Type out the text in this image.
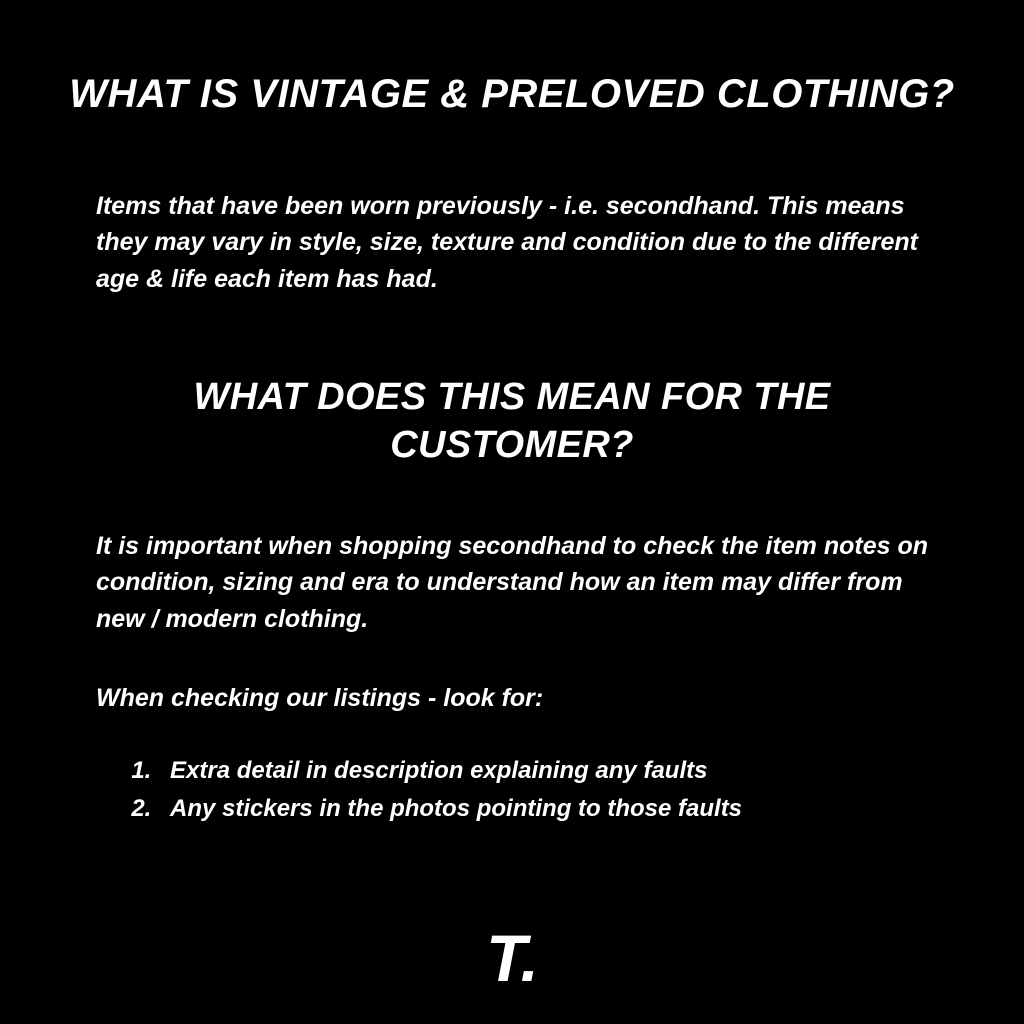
WHAT IS VINTAGE & PRELOVED CLOTHING?
Items that have been worn previously - i.e. secondhand. This means they may vary in style, size, texture and condition due to the different age & life each item has had.
WHAT DOES THIS MEAN FOR THE CUSTOMER?
It is important when shopping secondhand to check the item notes on condition, sizing and era to understand how an item may differ from new / modern clothing.
When checking our listings - look for:
1. Extra detail in description explaining any faults
2. Any stickers in the photos pointing to those faults
T.
